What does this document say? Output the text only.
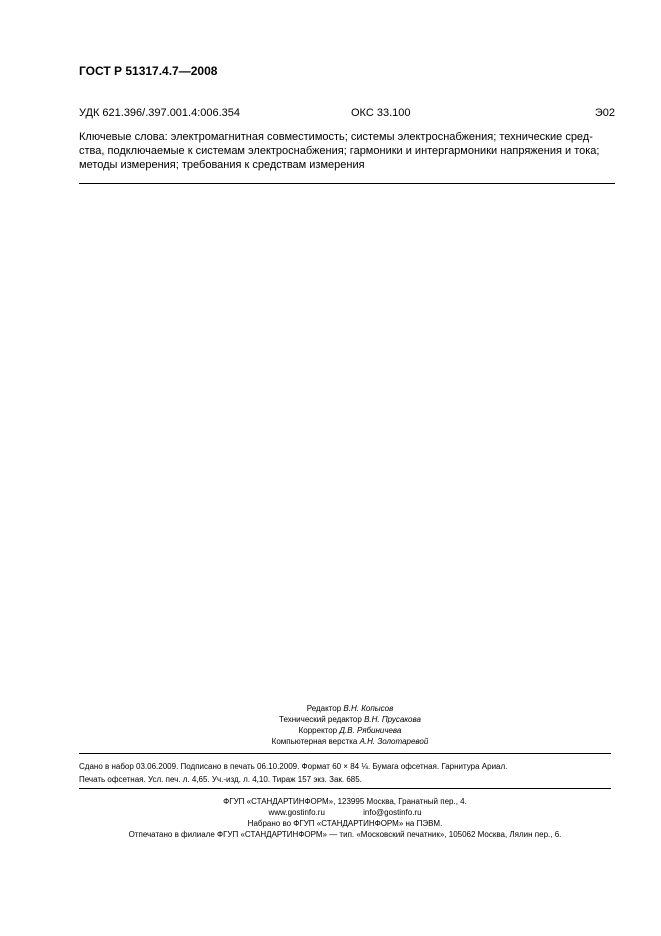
ГОСТ Р 51317.4.7—2008
УДК 621.396/.397.001.4:006.354	ОКС 33.100	Э02
Ключевые слова: электромагнитная совместимость; системы электроснабжения; технические сред-
ства, подключаемые к системам электроснабжения; гармоники и интергармоники напряжения и тока;
методы измерения; требования к средствам измерения
Редактор В.Н. Копысов
Технический редактор В.Н. Прусакова
Корректор Д.В. Рябиничева
Компьютерная верстка А.Н. Золотаревой
Сдано в набор 03.06.2009. Подписано в печать 06.10.2009. Формат 60 × 84 ⅛. Бумага офсетная. Гарнитура Ариал.
Печать офсетная. Усл. печ. л. 4,65. Уч.-изд. л. 4,10. Тираж 157 экз. Зак. 685.
ФГУП «СТАНДАРТИНФОРМ», 123995 Москва, Гранатный пер., 4.
www.gostinfo.ru	info@gostinfo.ru
Набрано во ФГУП «СТАНДАРТИНФОРМ» на ПЭВМ.
Отпечатано в филиале ФГУП «СТАНДАРТИНФОРМ» — тип. «Московский печатник», 105062 Москва, Лялин пер., 6.
